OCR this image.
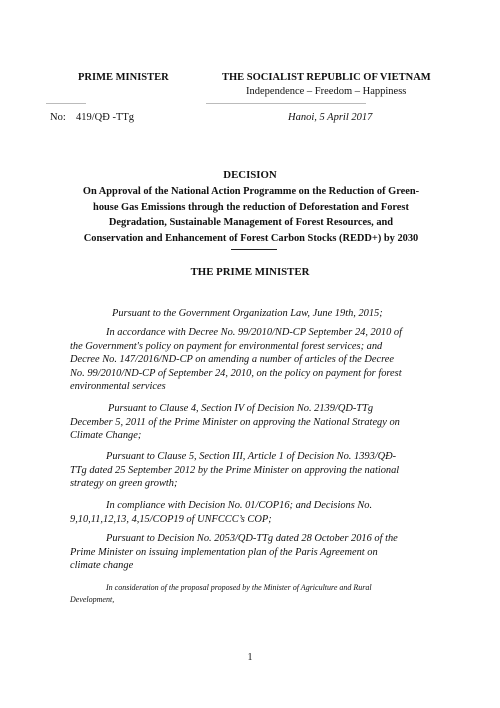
PRIME MINISTER	THE SOCIALIST REPUBLIC OF VIETNAM
Independence – Freedom – Happiness
No: 419/QĐ -TTg	Hanoi, 5 April 2017
DECISION
On Approval of the National Action Programme on the Reduction of Green-
house Gas Emissions through the reduction of Deforestation and Forest
Degradation, Sustainable Management of Forest Resources, and
Conservation and Enhancement of Forest Carbon Stocks (REDD+) by 2030
THE PRIME MINISTER
Pursuant to the Government Organization Law, June 19th, 2015;
In accordance with Decree No. 99/2010/ND-CP September 24, 2010 of
the Government's policy on payment for environmental forest services; and
Decree No. 147/2016/ND-CP on amending a number of articles of the Decree
No. 99/2010/ND-CP of September 24, 2010, on the policy on payment for forest
environmental services
Pursuant to Clause 4, Section IV of Decision No. 2139/QD-TTg
December 5, 2011 of the Prime Minister on approving the National Strategy on
Climate Change;
Pursuant to Clause 5, Section III, Article 1 of Decision No. 1393/QĐ-
TTg dated 25 September 2012 by the Prime Minister on approving the national
strategy on green growth;
In compliance with Decision No. 01/COP16; and Decisions No.
9,10,11,12,13, 4,15/COP19 of UNFCCC’s COP;
Pursuant to Decision No. 2053/QD-TTg dated 28 October 2016 of the
Prime Minister on issuing implementation plan of the Paris Agreement on
climate change
In consideration of the proposal proposed by the Minister of Agriculture and Rural
Development,
1
